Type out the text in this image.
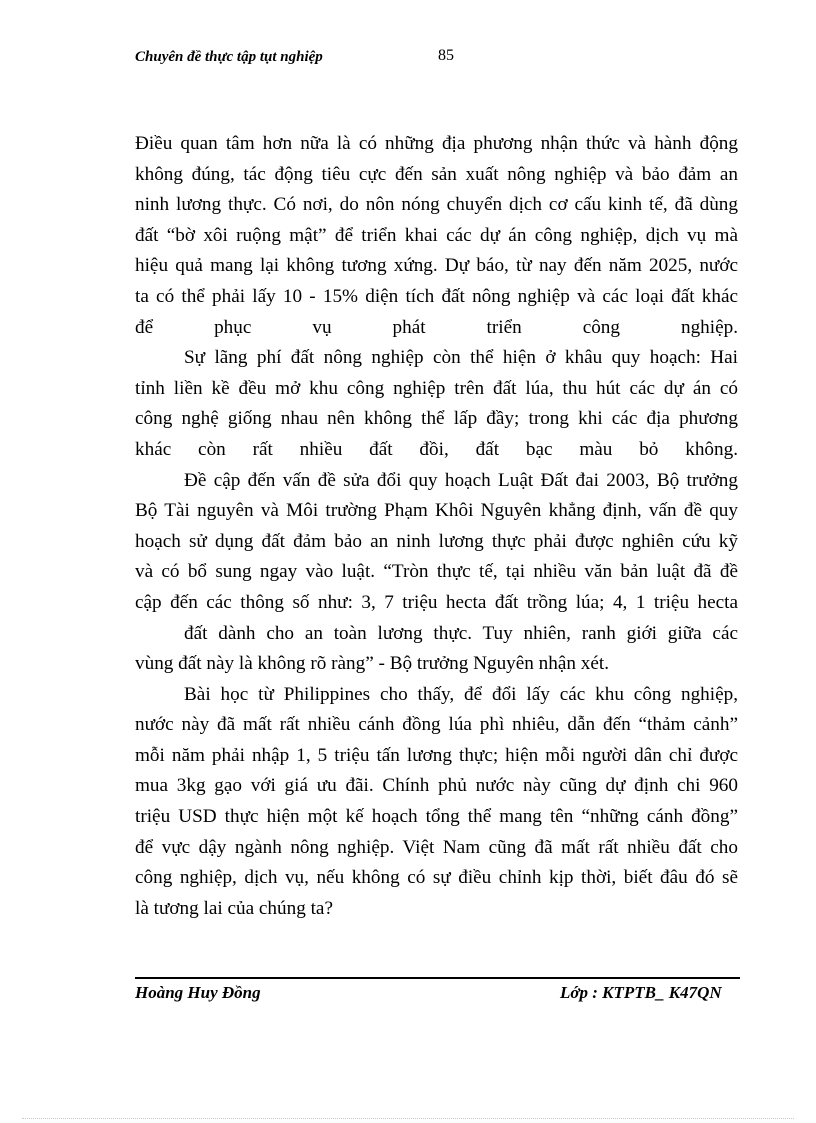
Chuyên đề thực tập tụt nghiệp	85
Điều quan tâm hơn nữa là có những địa phương nhận thức và hành động
không đúng, tác động tiêu cực đến sản xuất nông nghiệp và bảo đảm an
ninh lương thực. Có nơi, do nôn nóng chuyển dịch cơ cấu kinh tế, đã dùng
đất “bờ xôi ruộng mật” để triển khai các dự án công nghiệp, dịch vụ mà
hiệu quả mang lại không tương xứng. Dự báo, từ nay đến năm 2025, nước
ta có thể phải lấy 10 - 15% diện tích đất nông nghiệp và các loại đất khác
để phục vụ phát triển công nghiệp.
Sự lãng phí đất nông nghiệp còn thể hiện ở khâu quy hoạch: Hai
tỉnh liền kề đều mở khu công nghiệp trên đất lúa, thu hút các dự án có
công nghệ giống nhau nên không thể lấp đầy; trong khi các địa phương
khác còn rất nhiều đất đồi, đất bạc màu bỏ không.
Đề cập đến vấn đề sửa đổi quy hoạch Luật Đất đai 2003, Bộ trưởng
Bộ Tài nguyên và Môi trường Phạm Khôi Nguyên khẳng định, vấn đề quy
hoạch sử dụng đất đảm bảo an ninh lương thực phải được nghiên cứu kỹ
và có bổ sung ngay vào luật. “Tròn thực tế, tại nhiều văn bản luật đã đề
cập đến các thông số như: 3, 7 triệu hecta đất trồng lúa; 4, 1 triệu hecta
đất dành cho an toàn lương thực. Tuy nhiên, ranh giới giữa các
vùng đất này là không rõ ràng” - Bộ trưởng Nguyên nhận xét.
Bài học từ Philippines cho thấy, để đổi lấy các khu công nghiệp,
nước này đã mất rất nhiều cánh đồng lúa phì nhiêu, dẫn đến “thảm cảnh”
mỗi năm phải nhập 1, 5 triệu tấn lương thực; hiện mỗi người dân chỉ được
mua 3kg gạo với giá ưu đãi. Chính phủ nước này cũng dự định chi 960
triệu USD thực hiện một kế hoạch tổng thể mang tên “những cánh đồng”
để vực dậy ngành nông nghiệp. Việt Nam cũng đã mất rất nhiều đất cho
công nghiệp, dịch vụ, nếu không có sự điều chỉnh kịp thời, biết đâu đó sẽ
là tương lai của chúng ta?
Hoàng Huy Đồng	Lớp : KTPTB_ K47QN
